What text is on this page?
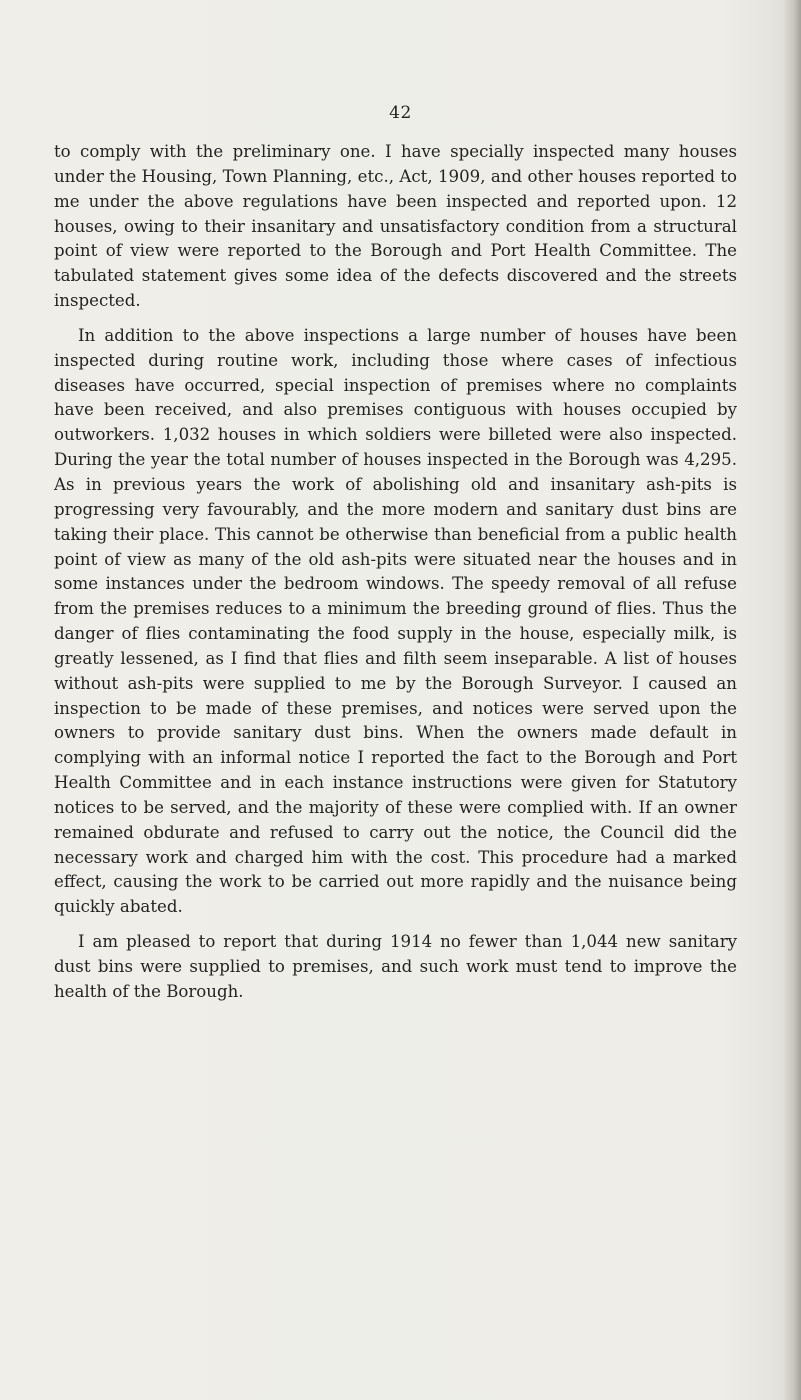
42

to comply with the preliminary one. I have specially inspected many houses under the Housing, Town Planning, etc., Act, 1909, and other houses reported to me under the above regulations have been inspected and reported upon. 12 houses, owing to their insanitary and unsatisfactory condition from a structural point of view were reported to the Borough and Port Health Committee. The tabulated statement gives some idea of the defects discovered and the streets inspected.

In addition to the above inspections a large number of houses have been inspected during routine work, including those where cases of infectious diseases have occurred, special inspection of premises where no complaints have been received, and also premises contiguous with houses occupied by outworkers. 1,032 houses in which soldiers were billeted were also inspected. During the year the total number of houses inspected in the Borough was 4,295. As in previous years the work of abolishing old and insanitary ash-pits is progressing very favourably, and the more modern and sanitary dust bins are taking their place. This cannot be otherwise than beneficial from a public health point of view as many of the old ash-pits were situated near the houses and in some instances under the bedroom windows. The speedy removal of all refuse from the premises reduces to a minimum the breeding ground of flies. Thus the danger of flies contaminating the food supply in the house, especially milk, is greatly lessened, as I find that flies and filth seem inseparable. A list of houses without ash-pits were supplied to me by the Borough Surveyor. I caused an inspection to be made of these premises, and notices were served upon the owners to provide sanitary dust bins. When the owners made default in complying with an informal notice I reported the fact to the Borough and Port Health Committee and in each instance instructions were given for Statutory notices to be served, and the majority of these were complied with. If an owner remained obdurate and refused to carry out the notice, the Council did the necessary work and charged him with the cost. This procedure had a marked effect, causing the work to be carried out more rapidly and the nuisance being quickly abated.

I am pleased to report that during 1914 no fewer than 1,044 new sanitary dust bins were supplied to premises, and such work must tend to improve the health of the Borough.
